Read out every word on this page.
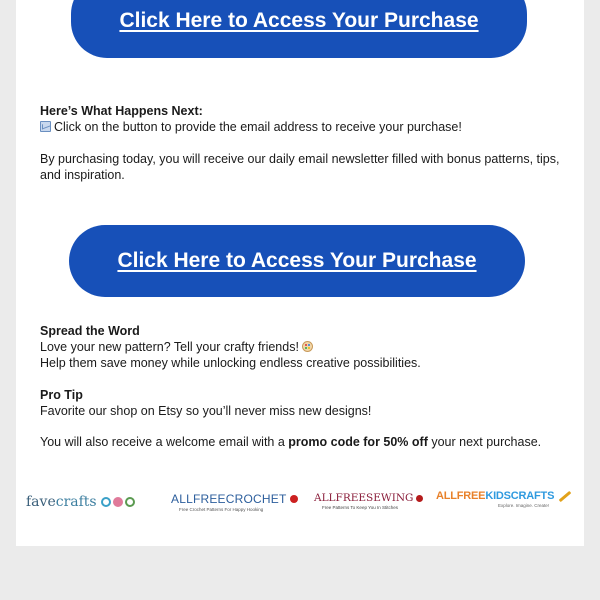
Click Here to Access Your Purchase

Here’s What Happens Next:

Click on the button to provide the email address to receive your purchase!

By purchasing today, you will receive our daily email newsletter filled with bonus patterns, tips, and inspiration.

Click Here to Access Your Purchase

Spread the Word

Love your new pattern? Tell your crafty friends!

Help them save money while unlocking endless creative possibilities.

Pro Tip

Favorite our shop on Etsy so you’ll never miss new designs!

You will also receive a welcome email with a promo code for 50% off your next purchase.

fave crafts	ALLFREECROCHET
Free Crochet Patterns For Happy Hooking
ALLFREESEWING
Free Patterns To Keep You In Stitches
ALLFREE KIDSCRAFTS
Explore. Imagine. Create!
